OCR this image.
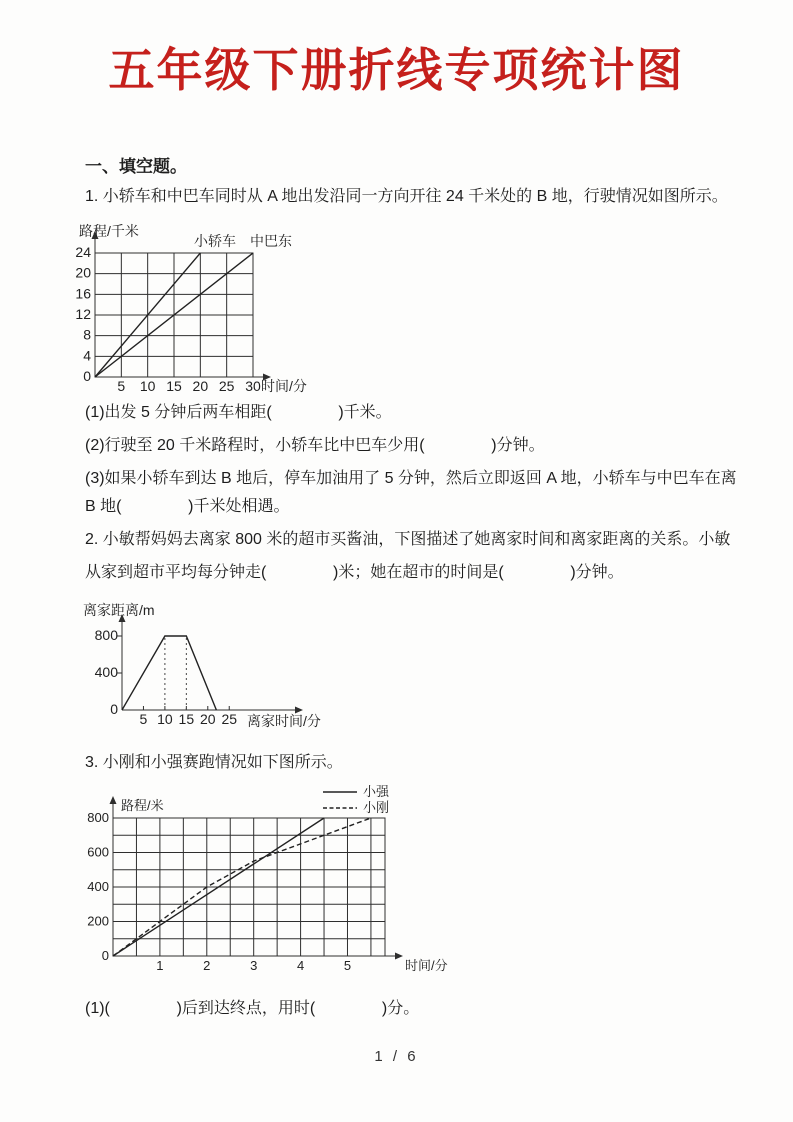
五年级下册折线专项统计图
一、填空题。
1. 小轿车和中巴车同时从 A 地出发沿同一方向开往 24 千米处的 B 地，行驶情况如图所示。
5 10 15 20 25 30
0
4
8
12
16
20
24
时间/分
路程/千米
小轿车 中巴东
(1)出发 5 分钟后两车相距(               )千米。
(2)行驶至 20 千米路程时，小轿车比中巴车少用(               )分钟。
(3)如果小轿车到达 B 地后，停车加油用了 5 分钟，然后立即返回 A 地，小轿车与中巴车在离
B 地(               )千米处相遇。
2. 小敏帮妈妈去离家 800 米的超市买酱油，下图描述了她离家时间和离家距离的关系。小敏
从家到超市平均每分钟走(               )米；她在超市的时间是(               )分钟。
5 10 15 20 25
0
400
800
离家时间/分
离家距离/m
3. 小刚和小强赛跑情况如下图所示。
1	2	3	4	5
0
200
400
600
800
时间/分
路程/米
小强
小刚
(1)(               )后到达终点，用时(               )分。
1 / 6
